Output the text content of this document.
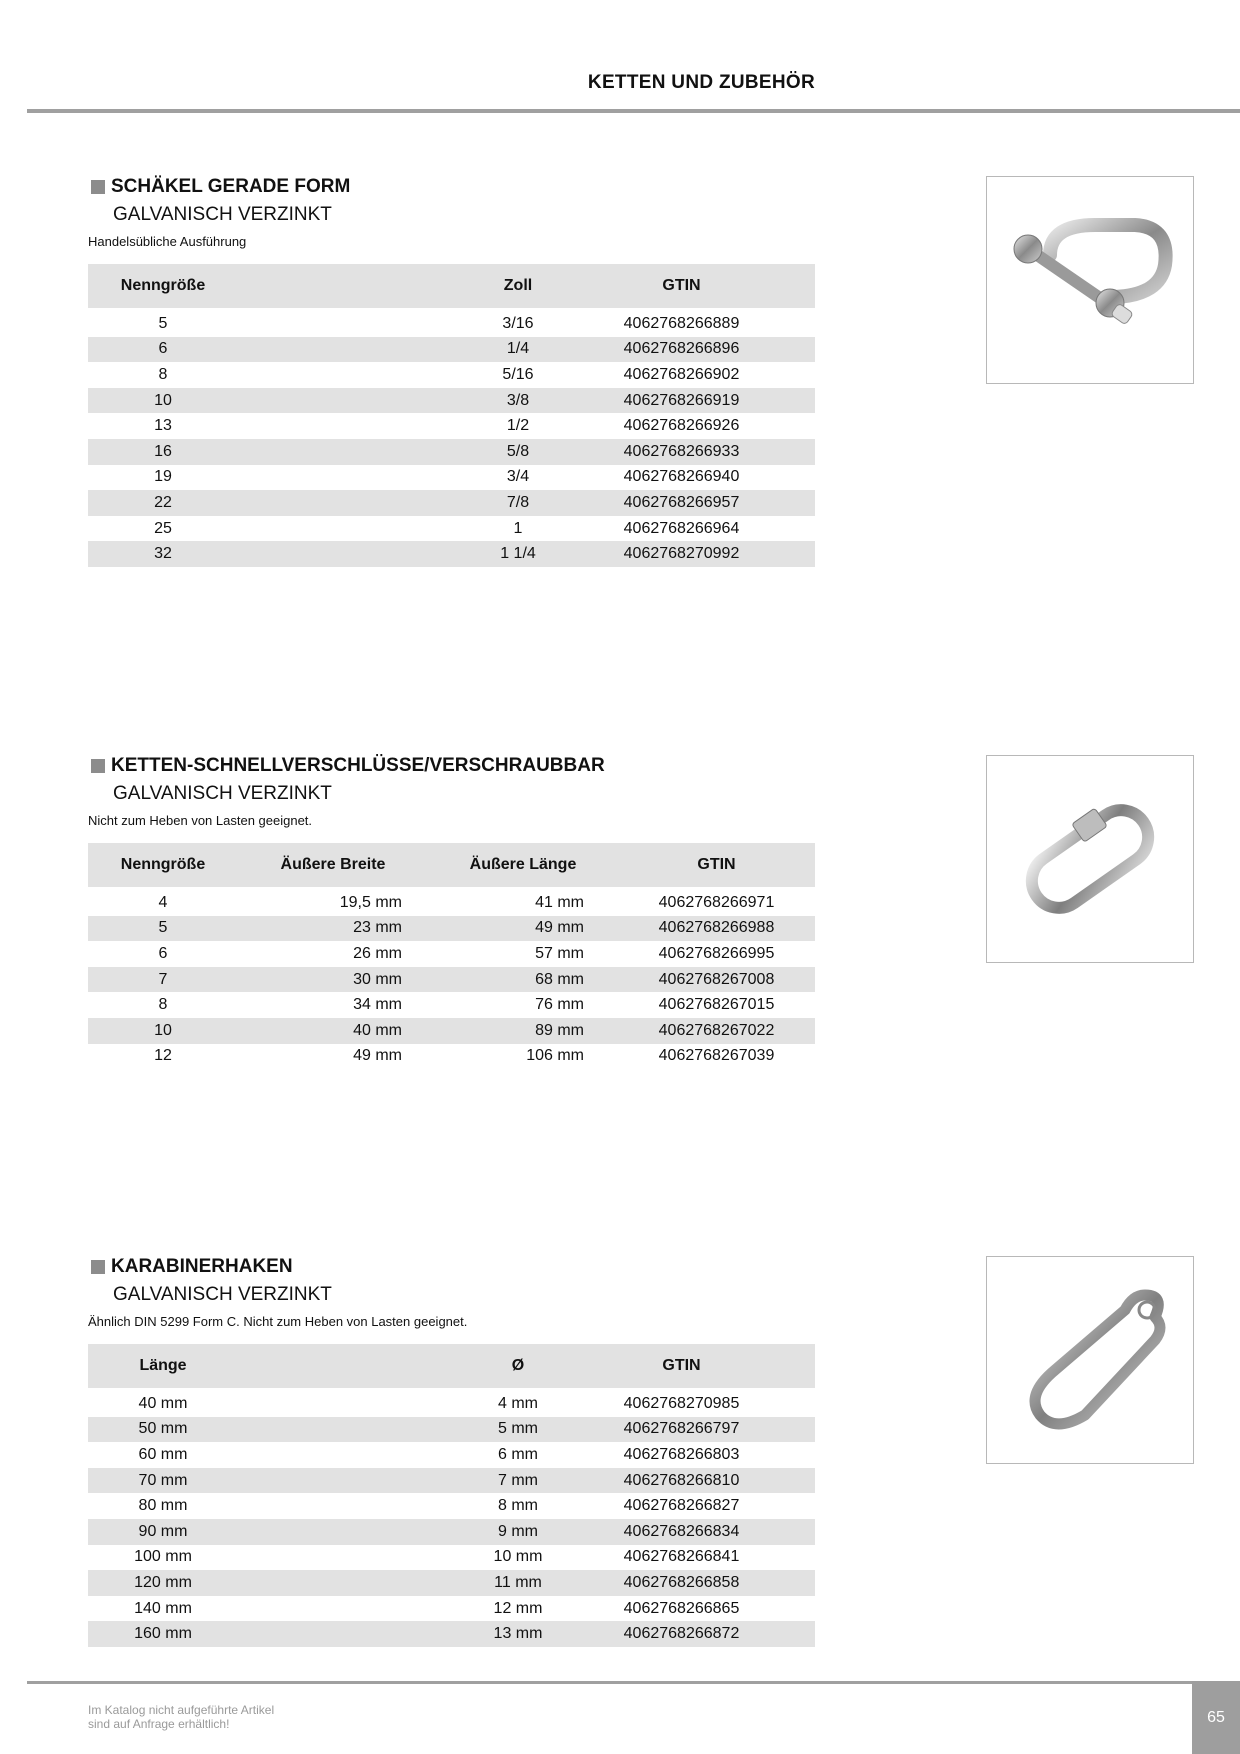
KETTEN UND ZUBEHÖR
SCHÄKEL GERADE FORM
GALVANISCH VERZINKT
Handelsübliche Ausführung
Nenngröße	Zoll	GTIN

5	3/16	4062768266889
6	1/4	4062768266896
8	5/16	4062768266902
10	3/8	4062768266919
13	1/2	4062768266926
16	5/8	4062768266933
19	3/4	4062768266940
22	7/8	4062768266957
25	1	4062768266964
32	1 1/4	4062768270992
KETTEN-SCHNELLVERSCHLÜSSE/VERSCHRAUBBAR
GALVANISCH VERZINKT
Nicht zum Heben von Lasten geeignet.
Nenngröße	Äußere Breite	Äußere Länge	GTIN

4	19,5 mm	41 mm	4062768266971
5	23 mm	49 mm	4062768266988
6	26 mm	57 mm	4062768266995
7	30 mm	68 mm	4062768267008
8	34 mm	76 mm	4062768267015
10	40 mm	89 mm	4062768267022
12	49 mm	106 mm	4062768267039
KARABINERHAKEN
GALVANISCH VERZINKT
Ähnlich DIN 5299 Form C. Nicht zum Heben von Lasten geeignet.
Länge	Ø	GTIN

40 mm	4 mm	4062768270985
50 mm	5 mm	4062768266797
60 mm	6 mm	4062768266803
70 mm	7 mm	4062768266810
80 mm	8 mm	4062768266827
90 mm	9 mm	4062768266834
100 mm	10 mm	4062768266841
120 mm	11 mm	4062768266858
140 mm	12 mm	4062768266865
160 mm	13 mm	4062768266872
Im Katalog nicht aufgeführte Artikel
sind auf Anfrage erhältlich!	65
